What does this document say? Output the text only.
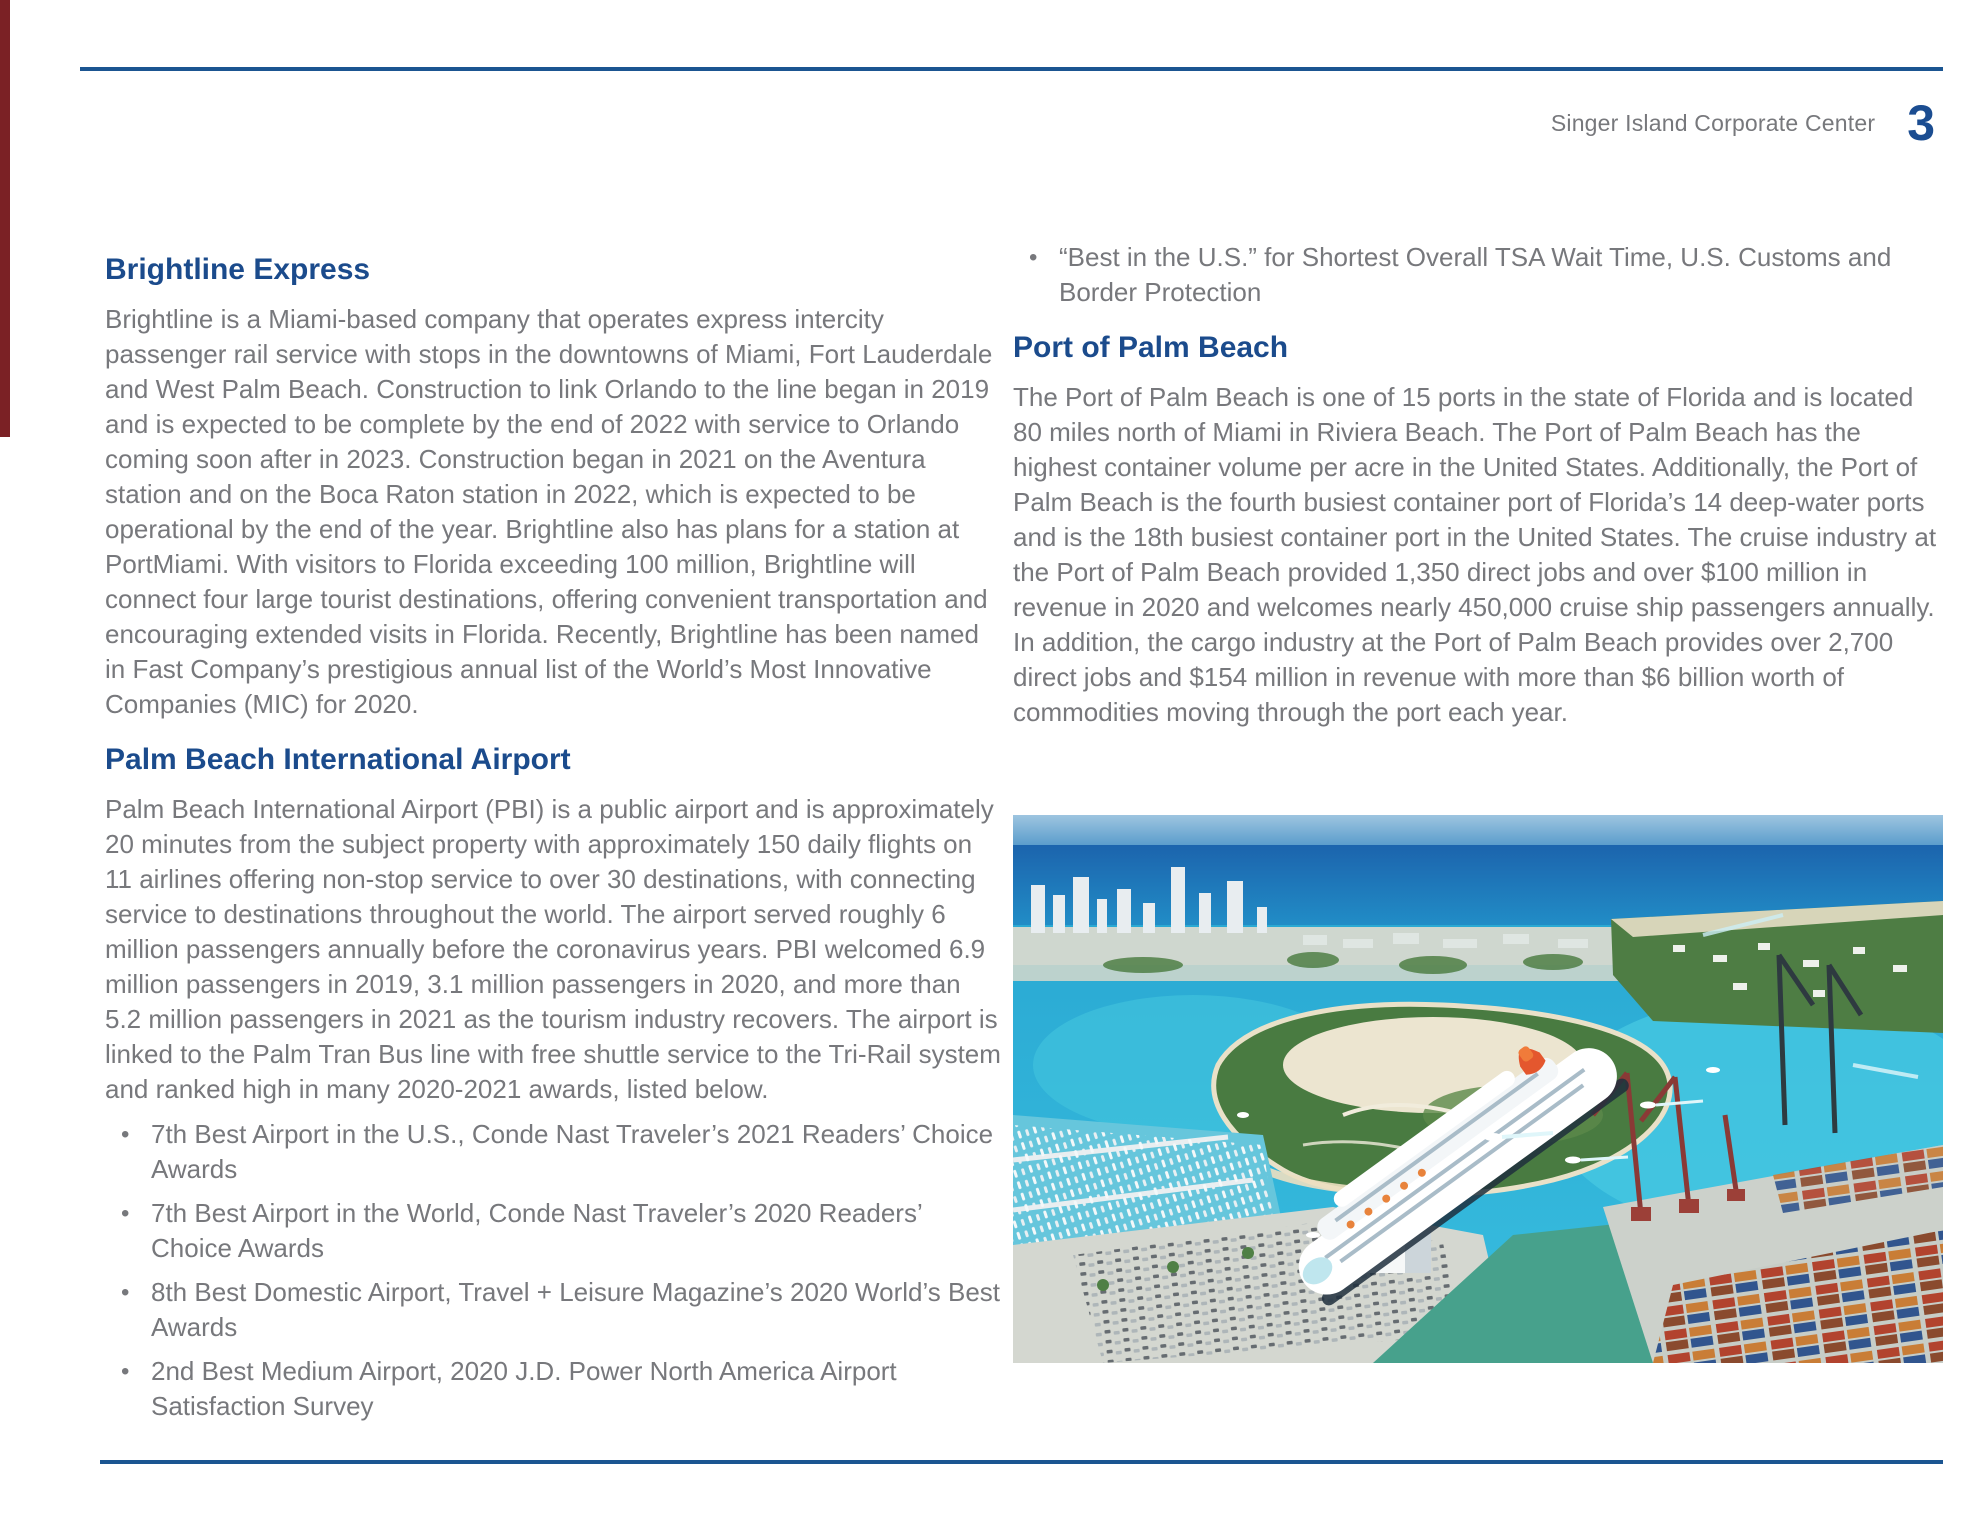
Singer Island Corporate Center 3
Brightline Express

Brightline is a Miami-based company that operates express intercity passenger rail service with stops in the downtowns of Miami, Fort Lauderdale and West Palm Beach. Construction to link Orlando to the line began in 2019 and is expected to be complete by the end of 2022 with service to Orlando coming soon after in 2023. Construction began in 2021 on the Aventura station and on the Boca Raton station in 2022, which is expected to be operational by the end of the year. Brightline also has plans for a station at PortMiami. With visitors to Florida exceeding 100 million, Brightline will connect four large tourist destinations, offering convenient transportation and encouraging extended visits in Florida. Recently, Brightline has been named in Fast Company’s prestigious annual list of the World’s Most Innovative Companies (MIC) for 2020.

Palm Beach International Airport

Palm Beach International Airport (PBI) is a public airport and is approximately 20 minutes from the subject property with approximately 150 daily flights on 11 airlines offering non-stop service to over 30 destinations, with connecting service to destinations throughout the world. The airport served roughly 6 million passengers annually before the coronavirus years. PBI welcomed 6.9 million passengers in 2019, 3.1 million passengers in 2020, and more than 5.2 million passengers in 2021 as the tourism industry recovers. The airport is linked to the Palm Tran Bus line with free shuttle service to the Tri-Rail system and ranked high in many 2020-2021 awards, listed below.

• 7th Best Airport in the U.S., Conde Nast Traveler’s 2021 Readers’ Choice Awards
• 7th Best Airport in the World, Conde Nast Traveler’s 2020 Readers’ Choice Awards
• 8th Best Domestic Airport, Travel + Leisure Magazine’s 2020 World’s Best Awards
• 2nd Best Medium Airport, 2020 J.D. Power North America Airport Satisfaction Survey
• “Best in the U.S.” for Shortest Overall TSA Wait Time, U.S. Customs and Border Protection
Port of Palm Beach

The Port of Palm Beach is one of 15 ports in the state of Florida and is located 80 miles north of Miami in Riviera Beach. The Port of Palm Beach has the highest container volume per acre in the United States. Additionally, the Port of Palm Beach is the fourth busiest container port of Florida’s 14 deep-water ports and is the 18th busiest container port in the United States. The cruise industry at the Port of Palm Beach provided 1,350 direct jobs and over $100 million in revenue in 2020 and welcomes nearly 450,000 cruise ship passengers annually. In addition, the cargo industry at the Port of Palm Beach provides over 2,700 direct jobs and $154 million in revenue with more than $6 billion worth of commodities moving through the port each year.
